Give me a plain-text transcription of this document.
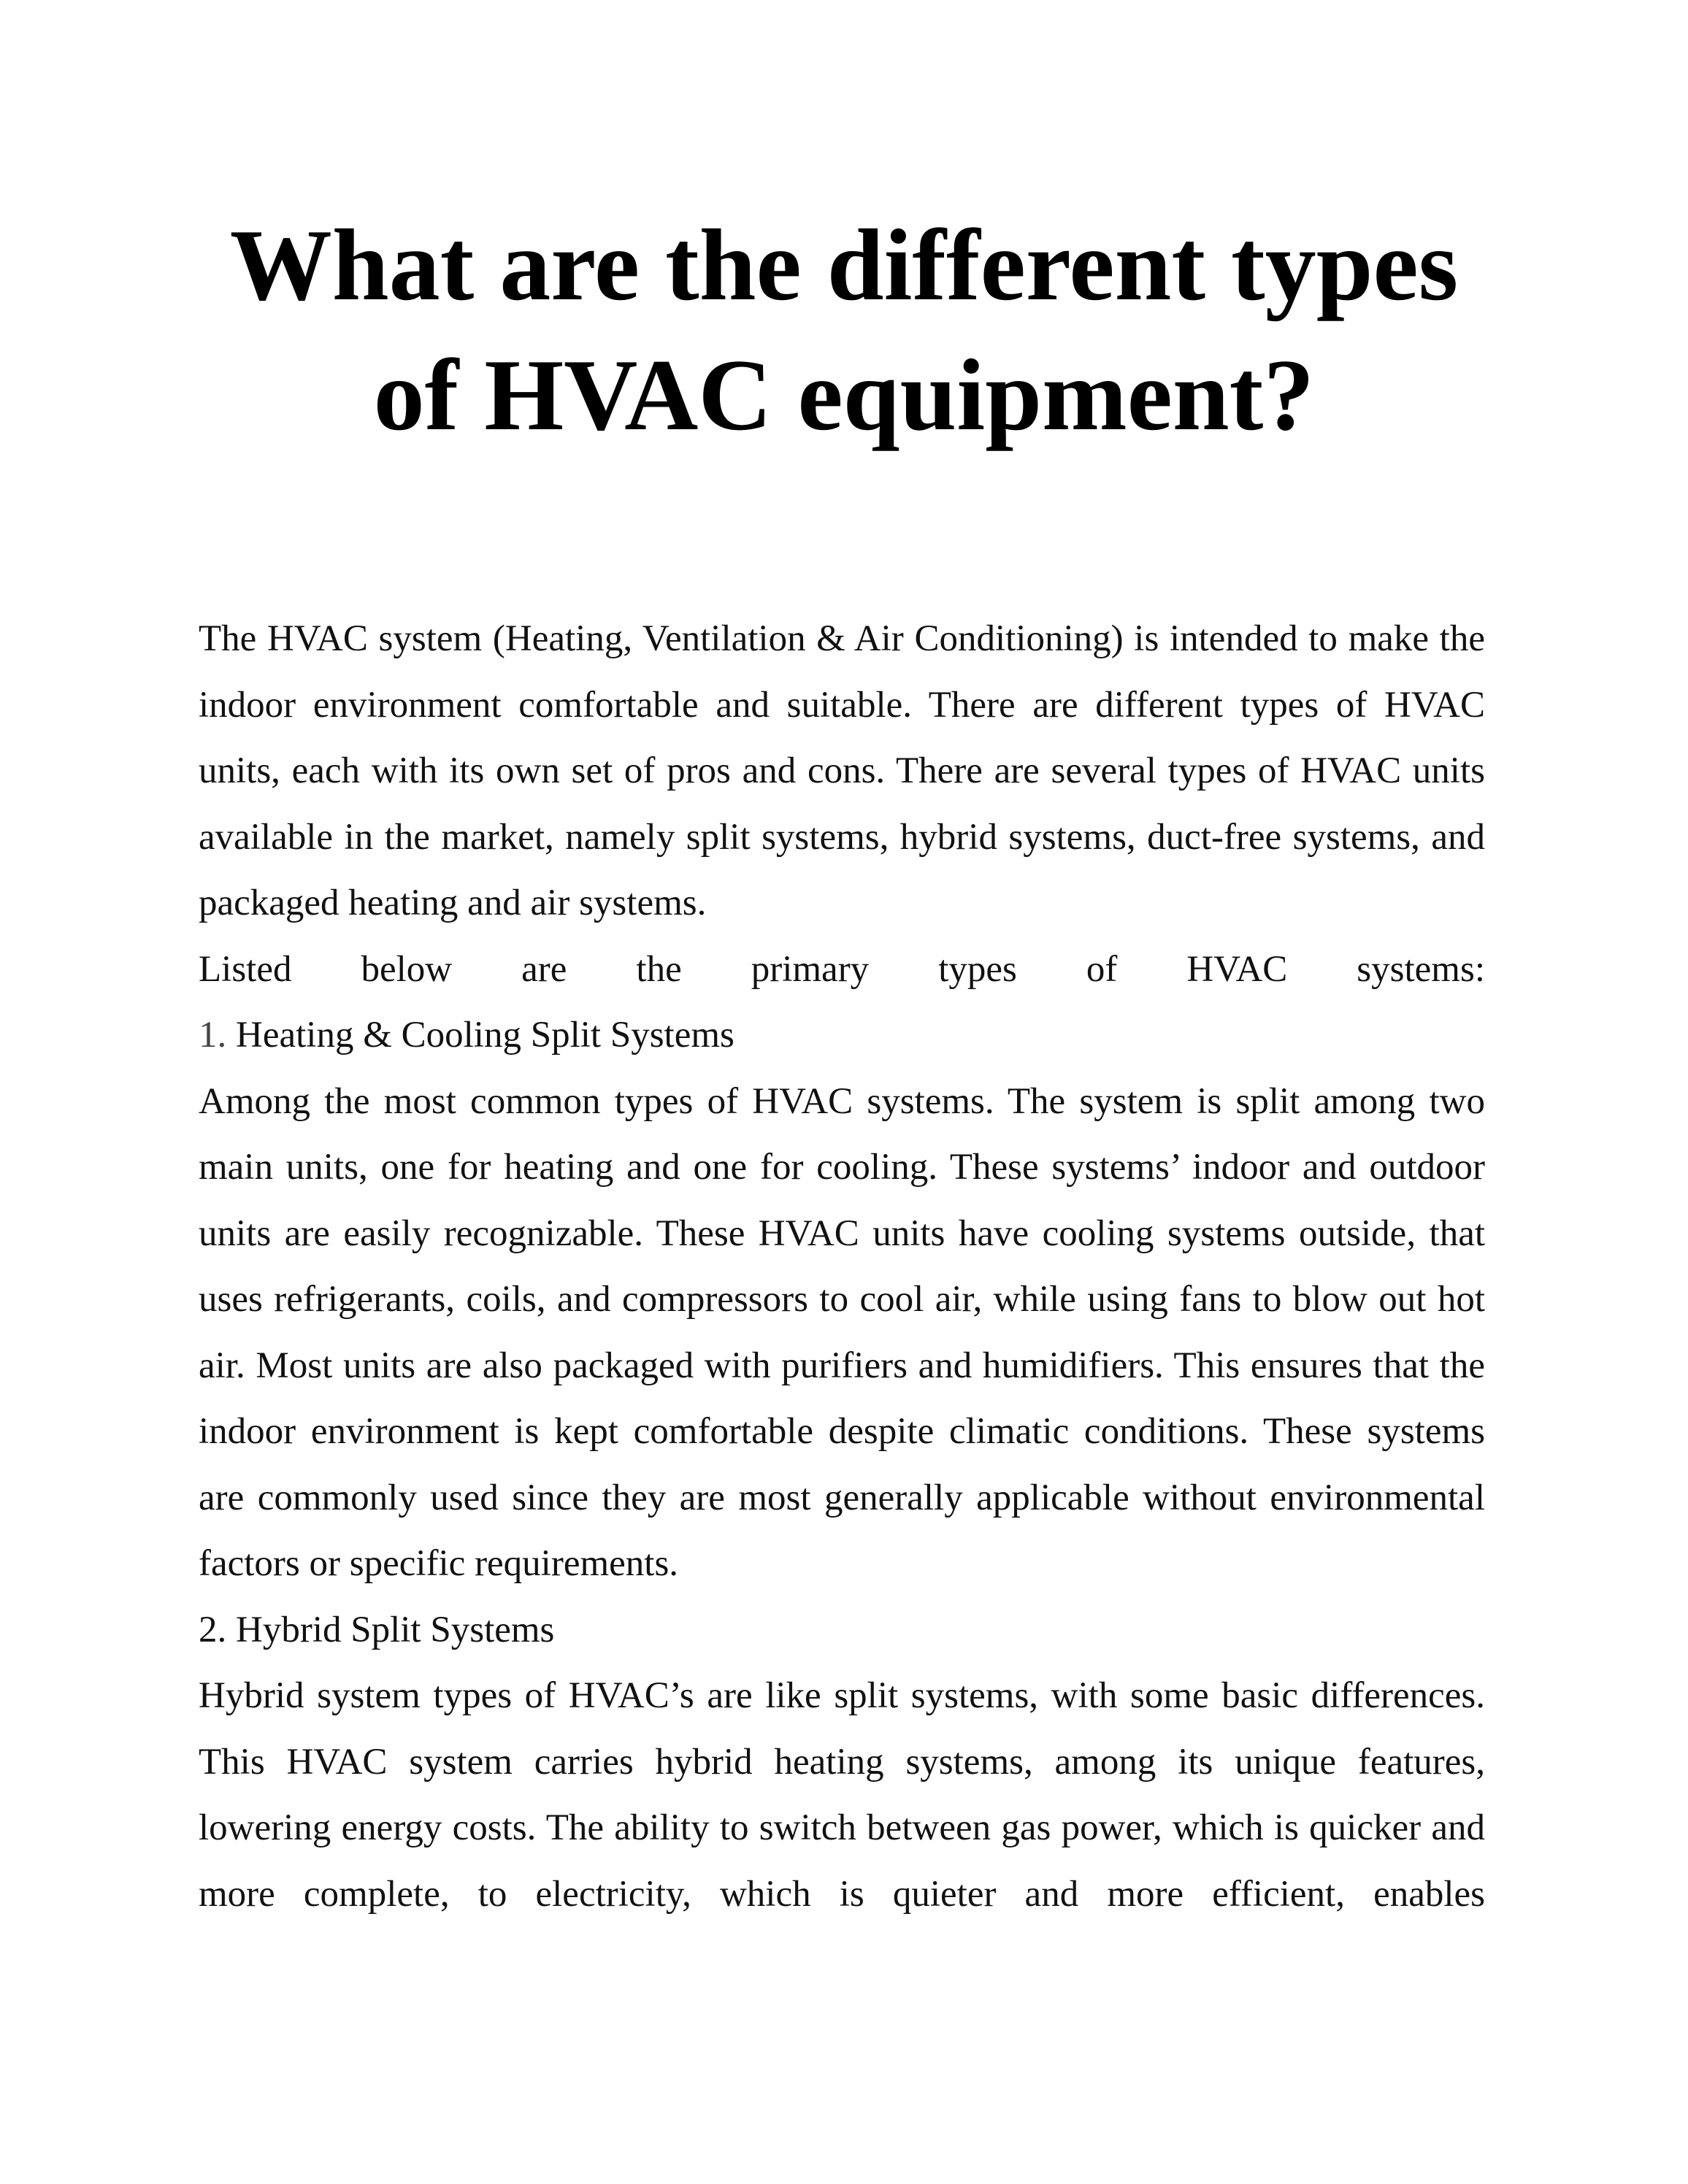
What are the different types
of HVAC equipment?

The HVAC system (Heating, Ventilation & Air Conditioning) is intended to make the indoor environment comfortable and suitable. There are different types of HVAC units, each with its own set of pros and cons. There are several types of HVAC units available in the market, namely split systems, hybrid systems, duct-free systems, and packaged heating and air systems.

Listed below are the primary types of HVAC systems:

1. Heating & Cooling Split Systems

Among the most common types of HVAC systems. The system is split among two main units, one for heating and one for cooling. These systems’ indoor and outdoor units are easily recognizable. These HVAC units have cooling systems outside, that uses refrigerants, coils, and compressors to cool air, while using fans to blow out hot air. Most units are also packaged with purifiers and humidifiers. This ensures that the indoor environment is kept comfortable despite climatic conditions. These systems are commonly used since they are most generally applicable without environmental factors or specific requirements.

2. Hybrid Split Systems

Hybrid system types of HVAC’s are like split systems, with some basic differences. This HVAC system carries hybrid heating systems, among its unique features, lowering energy costs. The ability to switch between gas power, which is quicker and more complete, to electricity, which is quieter and more efficient, enables
